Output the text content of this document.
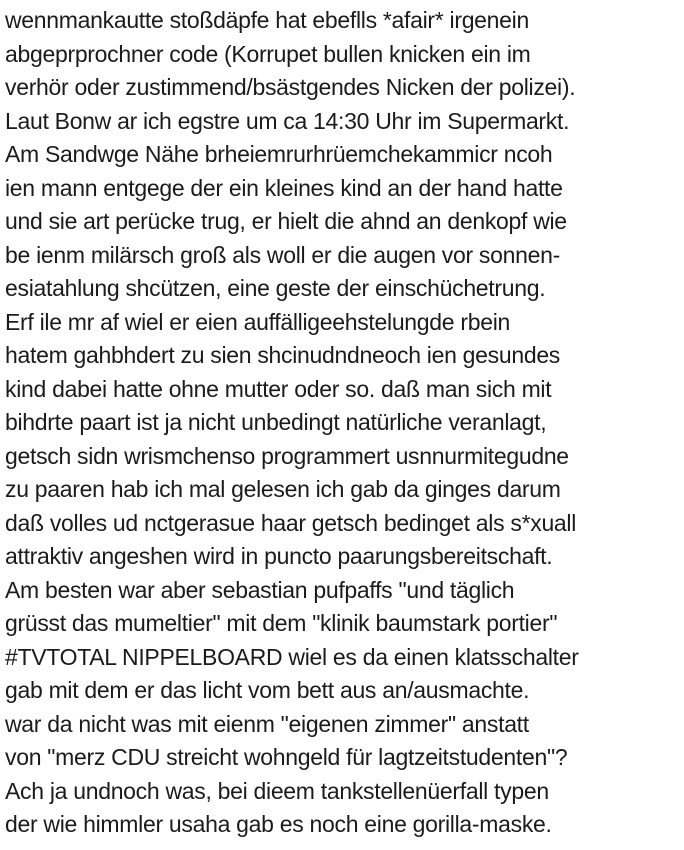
wennmankautte stoßdäpfe hat ebeflls *afair* irgenein
abgeprprochner code (Korrupet bullen knicken ein im
verhör oder zustimmend/bsästgendes Nicken der polizei).
Laut Bonw ar ich egstre um ca 14:30 Uhr im Supermarkt.
Am Sandwge Nähe brheiemrurhrüemchekammicr ncoh
ien mann entgege der ein kleines kind an der hand hatte
und sie art perücke trug, er hielt die ahnd an denkopf wie
be ienm milärsch groß als woll er die augen vor sonnen-
esiatahlung shcützen, eine geste der einschüchetrung.
Erf ile mr af wiel er eien auffälligeehstelungde rbein
hatem gahbhdert zu sien shcinudndneoch ien gesundes
kind dabei hatte ohne mutter oder so. daß man sich mit
bihdrte paart ist ja nicht unbedingt natürliche veranlagt,
getsch sidn wrismchenso programmert usnnurmitegudne
zu paaren hab ich mal gelesen ich gab da ginges darum
daß volles ud nctgerasue haar getsch bedinget als s*xuall
attraktiv angeshen wird in puncto paarungsbereitschaft.
Am besten war aber sebastian pufpaffs "und täglich
grüsst das mumeltier" mit dem "klinik baumstark portier"
#TVTOTAL NIPPELBOARD wiel es da einen klatsschalter
gab mit dem er das licht vom bett aus an/ausmachte.
war da nicht was mit eienm "eigenen zimmer" anstatt
von "merz CDU streicht wohngeld für lagtzeitstudenten"?
Ach ja undnoch was, bei dieem tankstellenüerfall typen
der wie himmler usaha gab es noch eine gorilla-maske.
